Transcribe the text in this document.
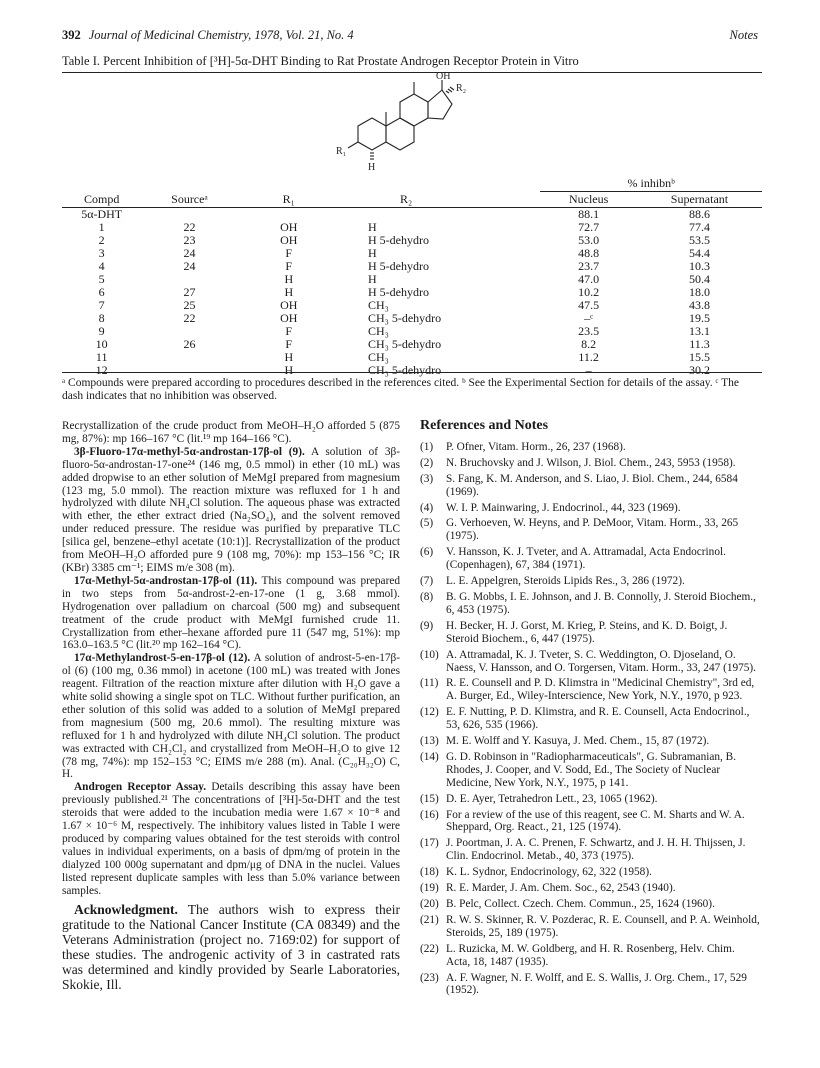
392 Journal of Medicinal Chemistry, 1978, Vol. 21, No. 4	Notes
Table I. Percent Inhibition of [³H]-5α-DHT Binding to Rat Prostate Androgen Receptor Protein in Vitro
OH
R₂
R₁
H
				% inhibnᵇ	
Compd	Sourceᵃ	R₁	R₂	Nucleus	Supernatant
5α-DHT				88.1	88.6
1	22	OH	H	72.7	77.4
2	23	OH	H 5-dehydro	53.0	53.5
3	24	F	H	48.8	54.4
4	24	F	H 5-dehydro	23.7	10.3
5		H	H	47.0	50.4
6	27	H	H 5-dehydro	10.2	18.0
7	25	OH	CH₃	47.5	43.8
8	22	OH	CH₃ 5-dehydro	–ᶜ	19.5
9		F	CH₃	23.5	13.1
10	26	F	CH₃ 5-dehydro	8.2	11.3
11		H	CH₃	11.2	15.5
12		H	CH₃ 5-dehydro	–	30.2
ᵃ Compounds were prepared according to procedures described in the references cited. ᵇ See the Experimental Section for details of the assay. ᶜ The dash indicates that no inhibition was observed.

Recrystallization of the crude product from MeOH–H₂O afforded 5 (875 mg, 87%): mp 166–167 °C (lit.¹⁹ mp 164–166 °C).

3β-Fluoro-17α-methyl-5α-androstan-17β-ol (9). A solution of 3β-fluoro-5α-androstan-17-one²⁴ (146 mg, 0.5 mmol) in ether (10 mL) was added dropwise to an ether solution of MeMgI prepared from magnesium (123 mg, 5.0 mmol). The reaction mixture was refluxed for 1 h and hydrolyzed with dilute NH₄Cl solution. The aqueous phase was extracted with ether, the ether extract dried (Na₂SO₄), and the solvent removed under reduced pressure. The residue was purified by preparative TLC [silica gel, benzene–ethyl acetate (10:1)]. Recrystallization of the product from MeOH–H₂O afforded pure 9 (108 mg, 70%): mp 153–156 °C; IR (KBr) 3385 cm⁻¹; EIMS m/e 308 (m).

17α-Methyl-5α-androstan-17β-ol (11). This compound was prepared in two steps from 5α-androst-2-en-17-one (1 g, 3.68 mmol). Hydrogenation over palladium on charcoal (500 mg) and subsequent treatment of the crude product with MeMgI furnished crude 11. Crystallization from ether–hexane afforded pure 11 (547 mg, 51%): mp 163.0–163.5 °C (lit.²⁰ mp 162–164 °C).

17α-Methylandrost-5-en-17β-ol (12). A solution of androst-5-en-17β-ol (6) (100 mg, 0.36 mmol) in acetone (100 mL) was treated with Jones reagent. Filtration of the reaction mixture after dilution with H₂O gave a white solid showing a single spot on TLC. Without further purification, an ether solution of this solid was added to a solution of MeMgI prepared from magnesium (500 mg, 20.6 mmol). The resulting mixture was refluxed for 1 h and hydrolyzed with dilute NH₄Cl solution. The product was extracted with CH₂Cl₂ and crystallized from MeOH–H₂O to give 12 (78 mg, 74%): mp 152–153 °C; EIMS m/e 288 (m). Anal. (C₂₀H₃₂O) C, H.

Androgen Receptor Assay. Details describing this assay have been previously published.²¹ The concentrations of [³H]-5α-DHT and the test steroids that were added to the incubation media were 1.67 × 10⁻⁸ and 1.67 × 10⁻⁶ M, respectively. The inhibitory values listed in Table I were produced by comparing values obtained for the test steroids with control values in individual experiments, on a basis of dpm/mg of protein in the dialyzed 100 000g supernatant and dpm/μg of DNA in the nuclei. Values listed represent duplicate samples with less than 5.0% variance between samples.

Acknowledgment. The authors wish to express their gratitude to the National Cancer Institute (CA 08349) and the Veterans Administration (project no. 7169:02) for support of these studies. The androgenic activity of 3 in castrated rats was determined and kindly provided by Searle Laboratories, Skokie, Ill.

References and Notes
(1)	P. Ofner, Vitam. Horm., 26, 237 (1968).
(2)	N. Bruchovsky and J. Wilson, J. Biol. Chem., 243, 5953 (1958).
(3)	S. Fang, K. M. Anderson, and S. Liao, J. Biol. Chem., 244, 6584 (1969).
(4)	W. I. P. Mainwaring, J. Endocrinol., 44, 323 (1969).
(5)	G. Verhoeven, W. Heyns, and P. DeMoor, Vitam. Horm., 33, 265 (1975).
(6)	V. Hansson, K. J. Tveter, and A. Attramadal, Acta Endocrinol. (Copenhagen), 67, 384 (1971).
(7)	L. E. Appelgren, Steroids Lipids Res., 3, 286 (1972).
(8)	B. G. Mobbs, I. E. Johnson, and J. B. Connolly, J. Steroid Biochem., 6, 453 (1975).
(9)	H. Becker, H. J. Gorst, M. Krieg, P. Steins, and K. D. Boigt, J. Steroid Biochem., 6, 447 (1975).
(10) A. Attramadal, K. J. Tveter, S. C. Weddington, O. Djoseland, O. Naess, V. Hansson, and O. Torgersen, Vitam. Horm., 33, 247 (1975).
(11) R. E. Counsell and P. D. Klimstra in "Medicinal Chemistry", 3rd ed, A. Burger, Ed., Wiley-Interscience, New York, N.Y., 1970, p 923.
(12) E. F. Nutting, P. D. Klimstra, and R. E. Counsell, Acta Endocrinol., 53, 626, 535 (1966).
(13) M. E. Wolff and Y. Kasuya, J. Med. Chem., 15, 87 (1972).
(14) G. D. Robinson in "Radiopharmaceuticals", G. Subramanian, B. Rhodes, J. Cooper, and V. Sodd, Ed., The Society of Nuclear Medicine, New York, N.Y., 1975, p 141.
(15) D. E. Ayer, Tetrahedron Lett., 23, 1065 (1962).
(16) For a review of the use of this reagent, see C. M. Sharts and W. A. Sheppard, Org. React., 21, 125 (1974).
(17) J. Poortman, J. A. C. Prenen, F. Schwartz, and J. H. H. Thijssen, J. Clin. Endocrinol. Metab., 40, 373 (1975).
(18) K. L. Sydnor, Endocrinology, 62, 322 (1958).
(19) R. E. Marder, J. Am. Chem. Soc., 62, 2543 (1940).
(20) B. Pelc, Collect. Czech. Chem. Commun., 25, 1624 (1960).
(21) R. W. S. Skinner, R. V. Pozderac, R. E. Counsell, and P. A. Weinhold, Steroids, 25, 189 (1975).
(22) L. Ruzicka, M. W. Goldberg, and H. R. Rosenberg, Helv. Chim. Acta, 18, 1487 (1935).
(23) A. F. Wagner, N. F. Wolff, and E. S. Wallis, J. Org. Chem., 17, 529 (1952).
